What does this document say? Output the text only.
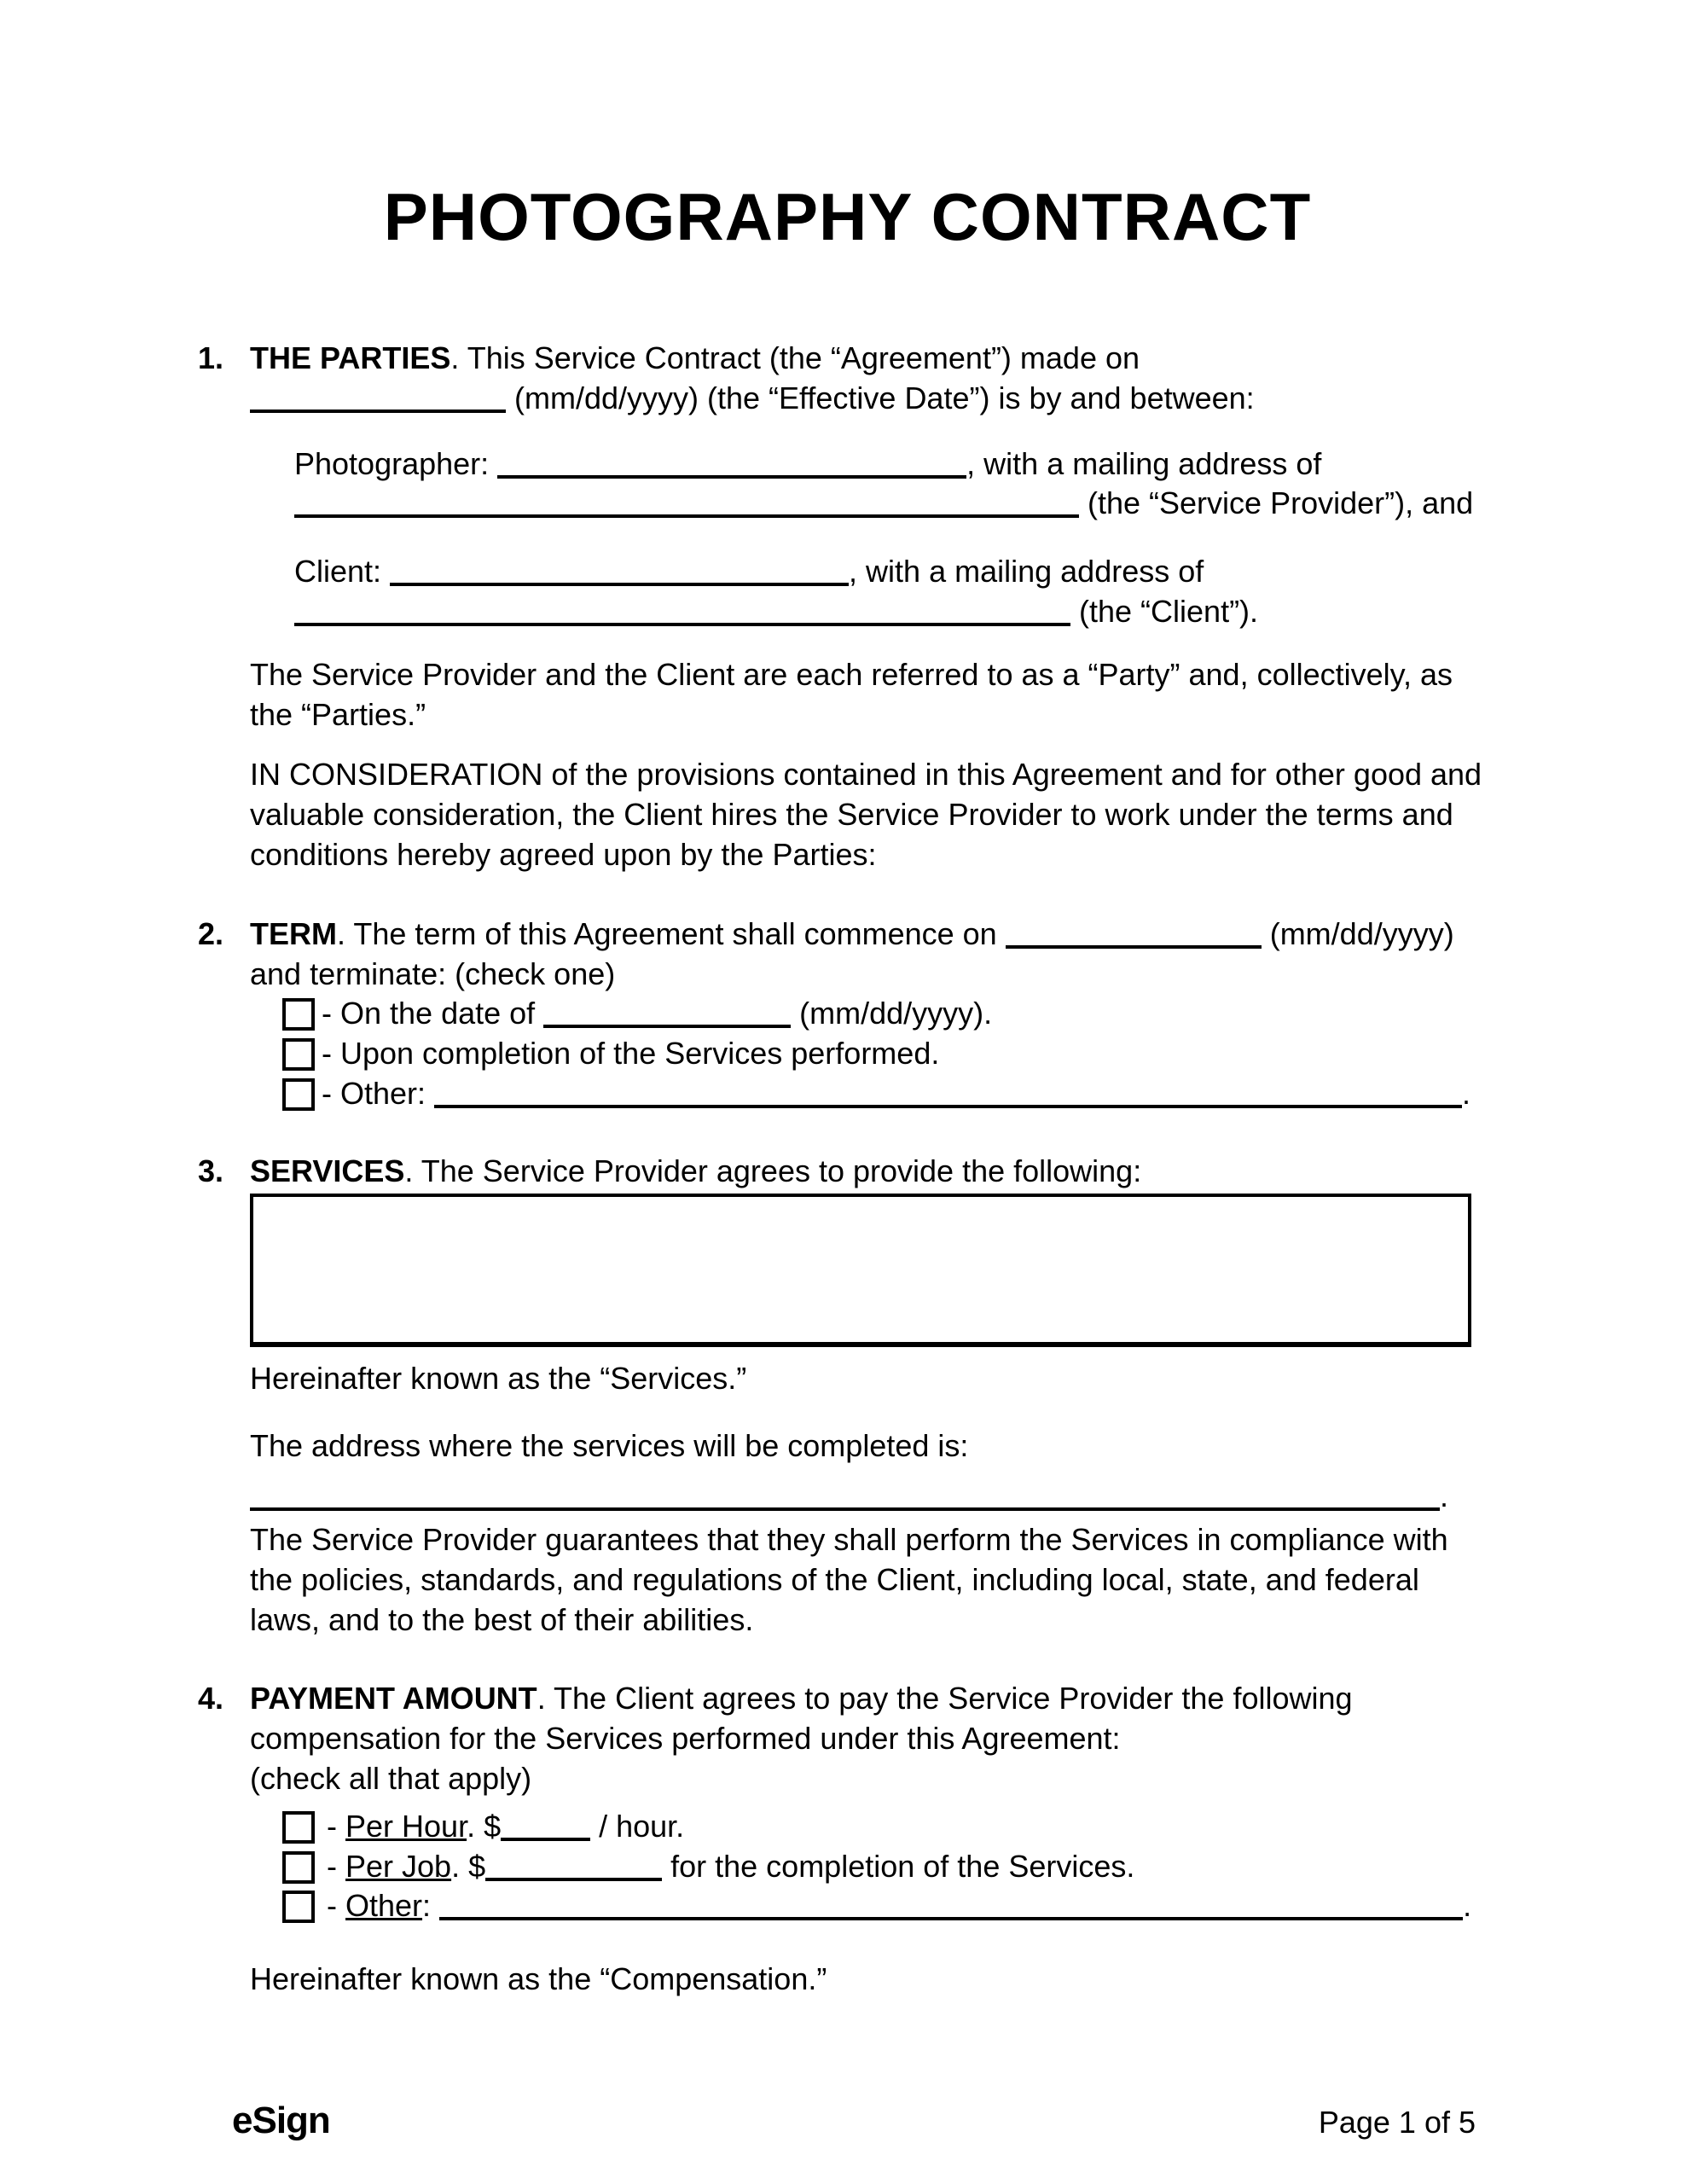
PHOTOGRAPHY CONTRACT
1. THE PARTIES. This Service Contract (the “Agreement”) made on
(mm/dd/yyyy) (the “Effective Date”) is by and between:
Photographer:	, with a mailing address of
(the “Service Provider”), and
Client:	, with a mailing address of
(the “Client”).
The Service Provider and the Client are each referred to as a “Party” and, collectively, as the “Parties.”
IN CONSIDERATION of the provisions contained in this Agreement and for other good and valuable consideration, the Client hires the Service Provider to work under the terms and conditions hereby agreed upon by the Parties:
2. TERM. The term of this Agreement shall commence on	(mm/dd/yyyy)
and terminate: (check one)
- On the date of	(mm/dd/yyyy).
- Upon completion of the Services performed.
- Other:	.
3. SERVICES. The Service Provider agrees to provide the following:
Hereinafter known as the “Services.”
The address where the services will be completed is:
.
The Service Provider guarantees that they shall perform the Services in compliance with the policies, standards, and regulations of the Client, including local, state, and federal laws, and to the best of their abilities.
4. PAYMENT AMOUNT. The Client agrees to pay the Service Provider the following compensation for the Services performed under this Agreement:
(check all that apply)
- Per Hour. $	/ hour.
- Per Job. $	for the completion of the Services.
- Other:	.
Hereinafter known as the “Compensation.”
eSign	Page 1 of 5
